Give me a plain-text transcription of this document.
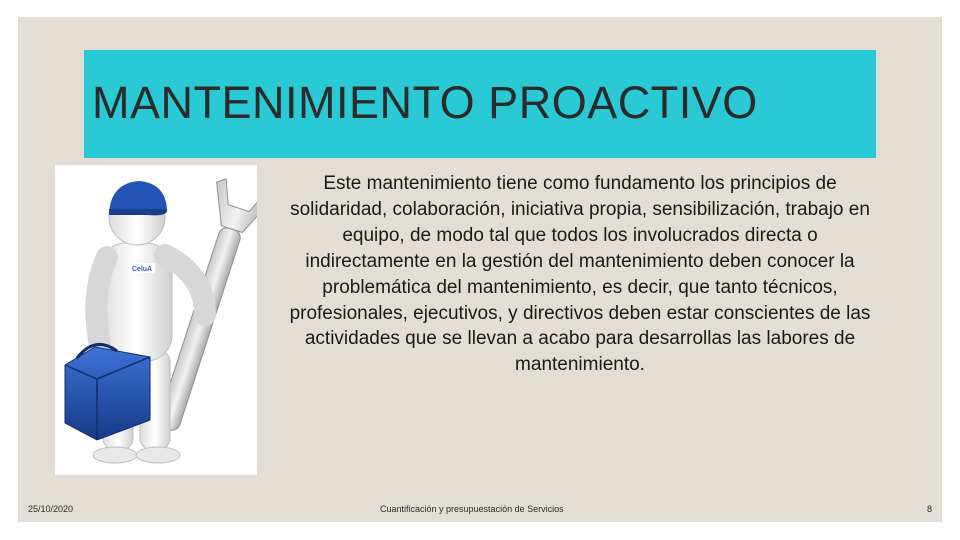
MANTENIMIENTO PROACTIVO
CeluA
Este mantenimiento tiene como fundamento los principios de solidaridad, colaboración, iniciativa propia, sensibilización, trabajo en equipo, de modo tal que todos los involucrados directa o indirectamente en la gestión del mantenimiento deben conocer la problemática del mantenimiento, es decir, que tanto técnicos, profesionales, ejecutivos, y directivos deben estar conscientes de las actividades que se llevan a acabo para desarrollas las labores de mantenimiento.
25/10/2020	Cuantificación y presupuestación de Servicios	8
